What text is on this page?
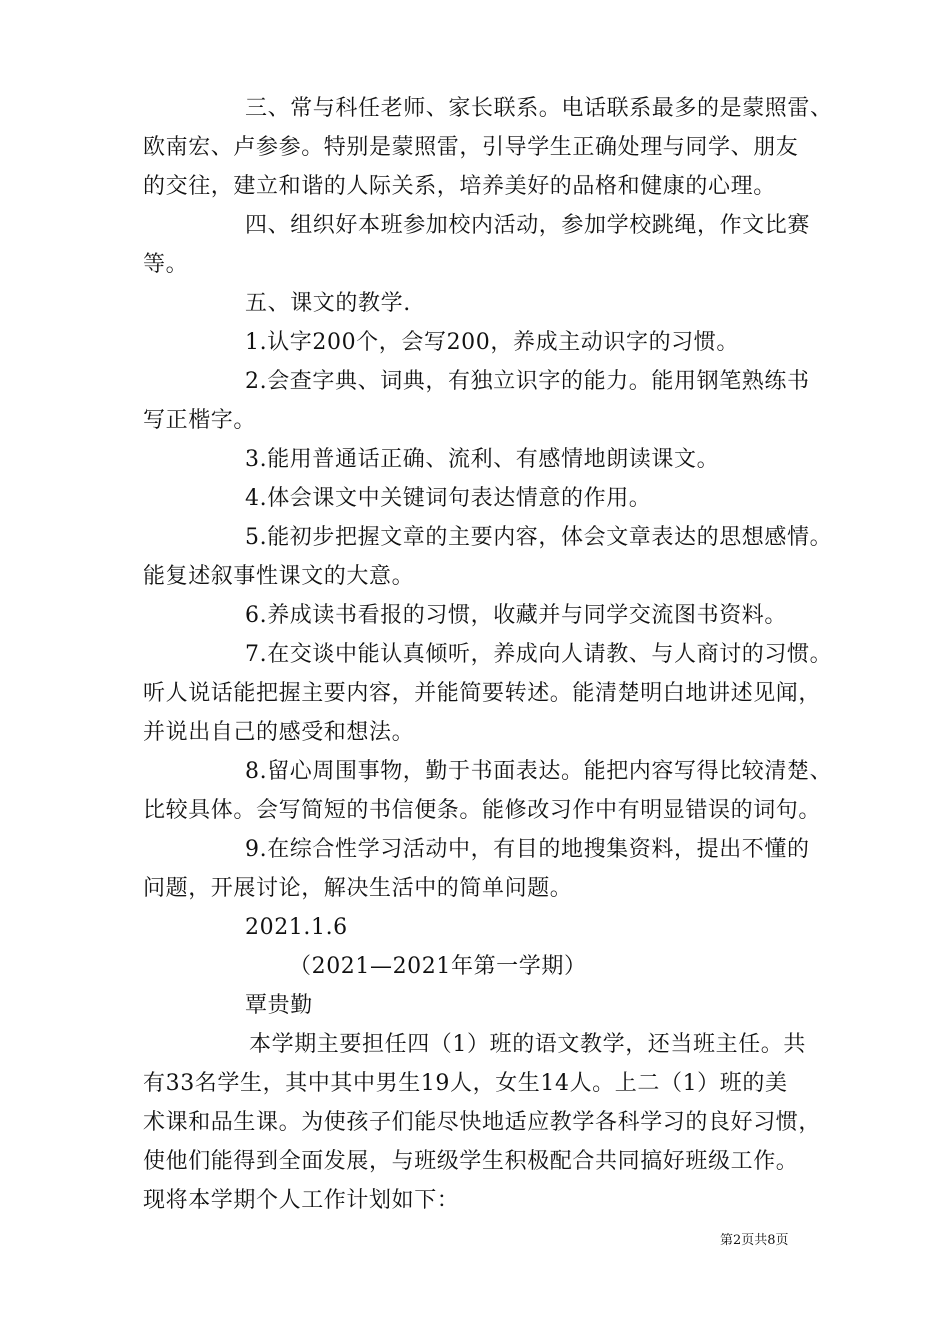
三、常与科任老师、家长联系。电话联系最多的是蒙照雷、
欧南宏、卢参参。特别是蒙照雷，引导学生正确处理与同学、朋友
的交往，建立和谐的人际关系，培养美好的品格和健康的心理。
四、组织好本班参加校内活动，参加学校跳绳，作文比赛
等。
五、课文的教学.
1.认字200个，会写200，养成主动识字的习惯。
2.会查字典、词典，有独立识字的能力。能用钢笔熟练书
写正楷字。
3.能用普通话正确、流利、有感情地朗读课文。
4.体会课文中关键词句表达情意的作用。
5.能初步把握文章的主要内容，体会文章表达的思想感情。
能复述叙事性课文的大意。
6.养成读书看报的习惯，收藏并与同学交流图书资料。
7.在交谈中能认真倾听，养成向人请教、与人商讨的习惯。
听人说话能把握主要内容，并能简要转述。能清楚明白地讲述见闻，
并说出自己的感受和想法。
8.留心周围事物，勤于书面表达。能把内容写得比较清楚、
比较具体。会写简短的书信便条。能修改习作中有明显错误的词句。
9.在综合性学习活动中，有目的地搜集资料，提出不懂的
问题，开展讨论，解决生活中的简单问题。
2021.1.6
（2021—2021年第一学期）
覃贵勤
本学期主要担任四（1）班的语文教学，还当班主任。共
有33名学生，其中其中男生19人，女生14人。上二（1）班的美
术课和品生课。为使孩子们能尽快地适应教学各科学习的良好习惯，
使他们能得到全面发展，与班级学生积极配合共同搞好班级工作。
现将本学期个人工作计划如下：
第2页共8页
